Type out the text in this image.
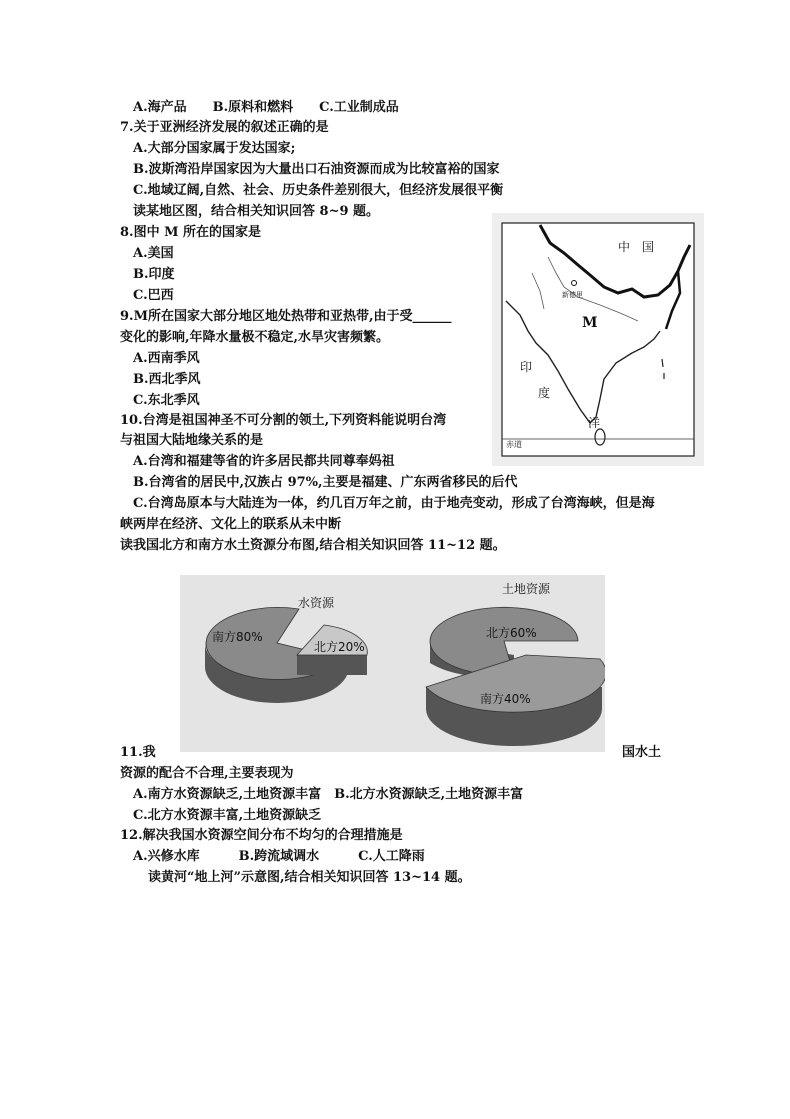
A.海产品　　B.原料和燃料　　C.工业制成品
7.关于亚洲经济发展的叙述正确的是
A.大部分国家属于发达国家;
B.波斯湾沿岸国家因为大量出口石油资源而成为比较富裕的国家
C.地域辽阔,自然、社会、历史条件差别很大，但经济发展很平衡
读某地区图，结合相关知识回答 8~9 题。
8.图中 M 所在的国家是
A.美国
B.印度
C.巴西
9.M所在国家大部分地区地处热带和亚热带,由于受______
变化的影响,年降水量极不稳定,水旱灾害频繁。
A.西南季风
B.西北季风
C.东北季风
10.台湾是祖国神圣不可分割的领土,下列资料能说明台湾
与祖国大陆地缘关系的是
A.台湾和福建等省的许多居民都共同尊奉妈祖
B.台湾省的居民中,汉族占 97%,主要是福建、广东两省移民的后代
C.台湾岛原本与大陆连为一体，约几百万年之前，由于地壳变动，形成了台湾海峡，但是海
峡两岸在经济、文化上的联系从未中断
读我国北方和南方水土资源分布图,结合相关知识回答 11~12 题。
中　国
新德里
M
印
度
洋
赤道
水资源
南方80%
北方20%
土地资源
北方60%
南方40%
11.我	国水土
资源的配合不合理,主要表现为
A.南方水资源缺乏,土地资源丰富　B.北方水资源缺乏,土地资源丰富
C.北方水资源丰富,土地资源缺乏
12.解决我国水资源空间分布不均匀的合理措施是
A.兴修水库　　　B.跨流域调水　　　C.人工降雨
读黄河“地上河”示意图,结合相关知识回答 13~14 题。
